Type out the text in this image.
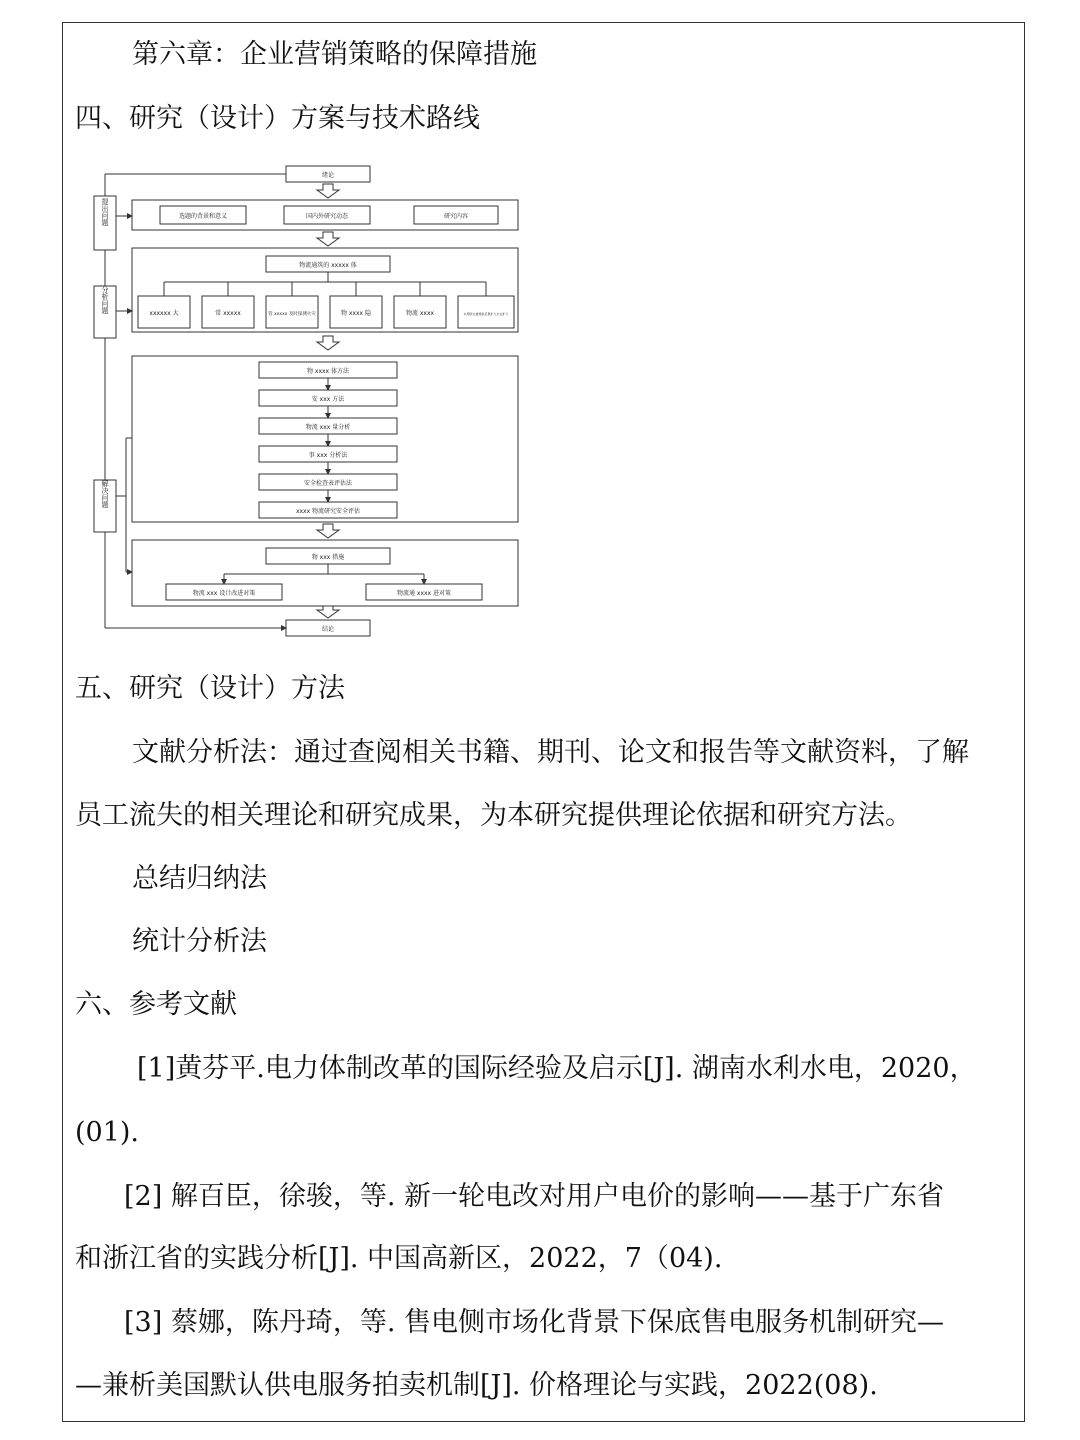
第六章：企业营销策略的保障措施
四、研究（设计）方案与技术路线
绪论
结论
选题的背景和意义	国内外研究动态	研究内容
物流通筑的 xxxxx 体
xxxxxx 大	常 xxxxx	管 xxxxx 及时探测火灾	物 xxxx 隐	物流 xxxx	未用防火措施致后果扩大火灾扩大
物 xxxx 体方法
安 xxx 方法
物流 xxx 量分析
事 xxx 分析法
安全检查表评估法
xxxx 物流研究安全评估
物 xxx 措施
物流 xxx 设计改进对策	物流通 xxxx 进对策
提出问题
分析问题
解决问题
五、研究（设计）方法
文献分析法：通过查阅相关书籍、期刊、论文和报告等文献资料，了解
员工流失的相关理论和研究成果，为本研究提供理论依据和研究方法。
总结归纳法
统计分析法
六、参考文献
[1]黄芬平.电力体制改革的国际经验及启示[J]. 湖南水利水电，2020，
(01).
[2] 解百臣，徐骏，等. 新一轮电改对用户电价的影响——基于广东省
和浙江省的实践分析[J]. 中国高新区，2022，7（04).
[3] 蔡娜，陈丹琦，等. 售电侧市场化背景下保底售电服务机制研究—
—兼析美国默认供电服务拍卖机制[J]. 价格理论与实践，2022(08).
